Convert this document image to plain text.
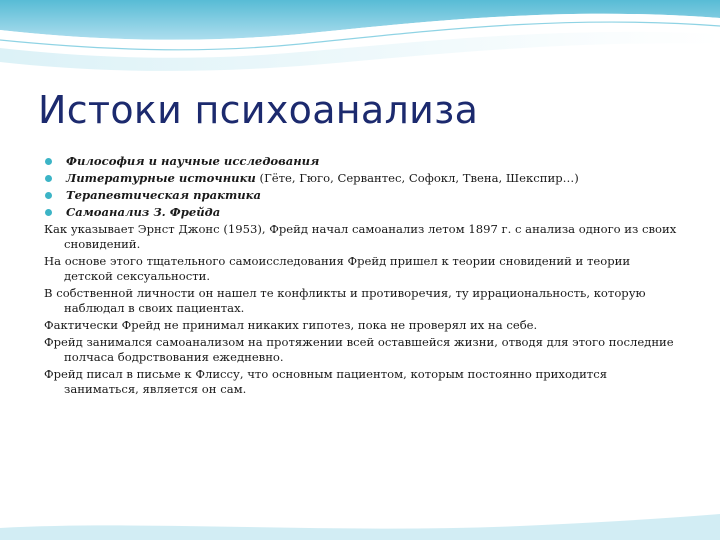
Истоки психоанализа
Философия и научные исследования
Литературные источники (Гёте, Гюго, Сервантес, Софокл, Твена, Шекспир…)
Терапевтическая практика
Самоанализ З. Фрейда

Как указывает Эрнст Джонс (1953), Фрейд начал самоанализ летом 1897 г. с анализа одного из своих сновидений.

На основе этого тщательного самоисследования Фрейд пришел к теории сновидений и теории детской сексуальности.

В собственной личности он нашел те конфликты и противоречия, ту иррациональность, которую наблюдал в своих пациентах.

Фактически Фрейд не принимал никаких гипотез, пока не проверял их на себе.

Фрейд занимался самоанализом на протяжении всей оставшейся жизни, отводя для этого последние полчаса бодрствования ежедневно.

Фрейд писал в письме к Флиссу, что основным пациентом, которым постоянно приходится заниматься, является он сам.
